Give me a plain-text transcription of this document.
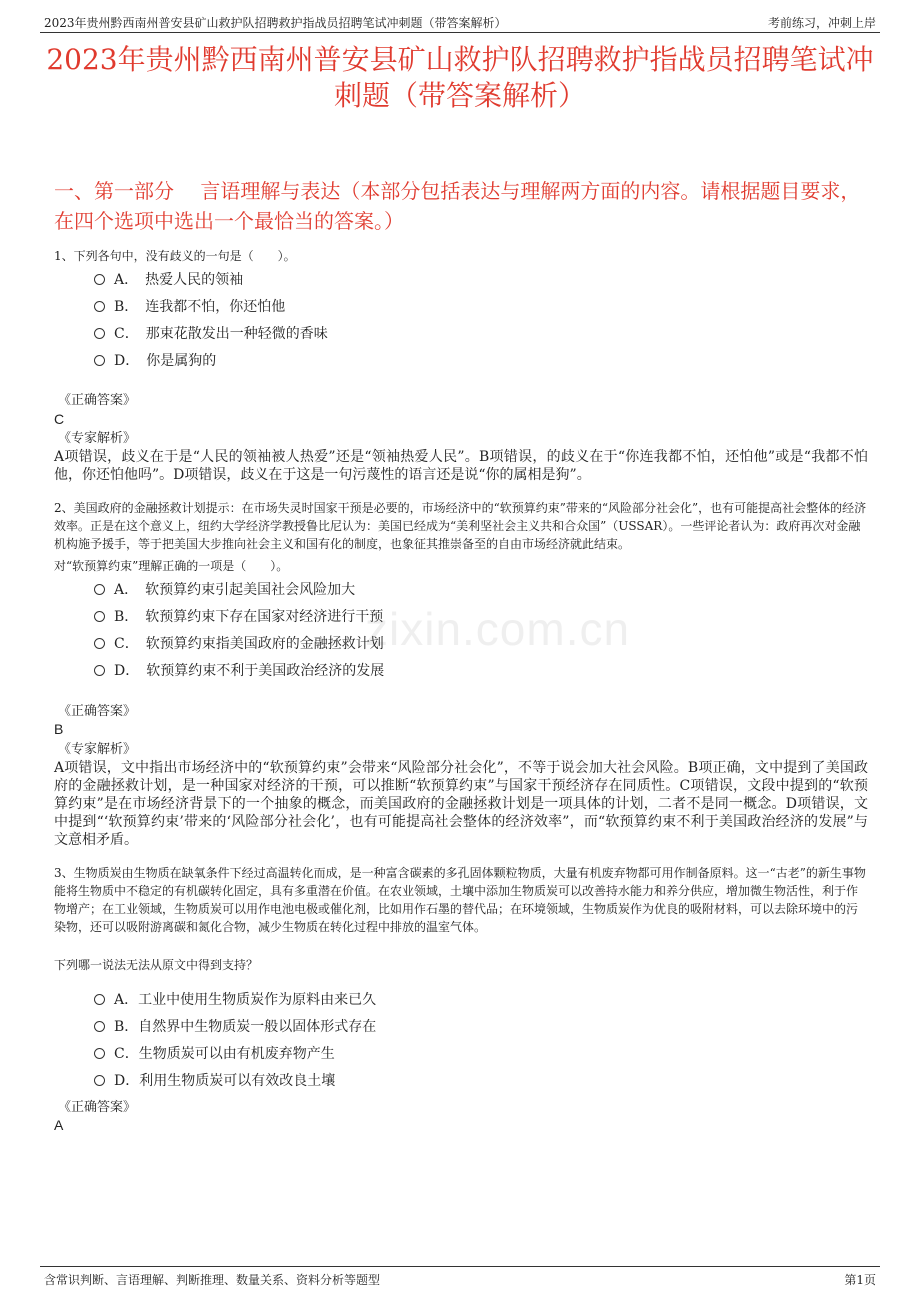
2023年贵州黔西南州普安县矿山救护队招聘救护指战员招聘笔试冲刺题（带答案解析）	考前练习，冲刺上岸
2023年贵州黔西南州普安县矿山救护队招聘救护指战员招聘笔试冲刺题（带答案解析）
一、第一部分　 言语理解与表达（本部分包括表达与理解两方面的内容。请根据题目要求，在四个选项中选出一个最恰当的答案。）
zixin.com.cn
1、下列各句中，没有歧义的一句是（　　）。
A．　热爱人民的领袖
B．　连我都不怕，你还怕他
C．　那束花散发出一种轻微的香味
D．　你是属狗的
《正确答案》
C
《专家解析》
A项错误，歧义在于是“人民的领袖被人热爱”还是“领袖热爱人民”。B项错误，的歧义在于“你连我都不怕，还怕他”或是“我都不怕他，你还怕他吗”。D项错误，歧义在于这是一句污蔑性的语言还是说“你的属相是狗”。
2、美国政府的金融拯救计划提示：在市场失灵时国家干预是必要的，市场经济中的“软预算约束”带来的“风险部分社会化”，也有可能提高社会整体的经济效率。正是在这个意义上，纽约大学经济学教授鲁比尼认为：美国已经成为“美利坚社会主义共和合众国”（USSAR）。一些评论者认为：政府再次对金融机构施予援手，等于把美国大步推向社会主义和国有化的制度，也象征其推崇备至的自由市场经济就此结束。
对“软预算约束”理解正确的一项是（　　）。
A．　软预算约束引起美国社会风险加大
B．　软预算约束下存在国家对经济进行干预
C．　软预算约束指美国政府的金融拯救计划
D．　软预算约束不利于美国政治经济的发展
《正确答案》
B
《专家解析》
A项错误，文中指出市场经济中的“软预算约束”会带来“风险部分社会化”，不等于说会加大社会风险。B项正确，文中提到了美国政府的金融拯救计划，是一种国家对经济的干预，可以推断“软预算约束”与国家干预经济存在同质性。C项错误，文段中提到的“软预算约束”是在市场经济背景下的一个抽象的概念，而美国政府的金融拯救计划是一项具体的计划，二者不是同一概念。D项错误，文中提到“‘软预算约束’带来的‘风险部分社会化’，也有可能提高社会整体的经济效率”，而“软预算约束不利于美国政治经济的发展”与文意相矛盾。
3、生物质炭由生物质在缺氧条件下经过高温转化而成，是一种富含碳素的多孔固体颗粒物质，大量有机废弃物都可用作制备原料。这一“古老”的新生事物能将生物质中不稳定的有机碳转化固定，具有多重潜在价值。在农业领域，土壤中添加生物质炭可以改善持水能力和养分供应，增加微生物活性，利于作物增产；在工业领域，生物质炭可以用作电池电极或催化剂，比如用作石墨的替代品；在环境领域，生物质炭作为优良的吸附材料，可以去除环境中的污染物，还可以吸附游离碳和氮化合物，减少生物质在转化过程中排放的温室气体。
下列哪一说法无法从原文中得到支持？
A．工业中使用生物质炭作为原料由来已久
B．自然界中生物质炭一般以固体形式存在
C．生物质炭可以由有机废弃物产生
D．利用生物质炭可以有效改良土壤
《正确答案》
A
含常识判断、言语理解、判断推理、数量关系、资料分析等题型	第1页
